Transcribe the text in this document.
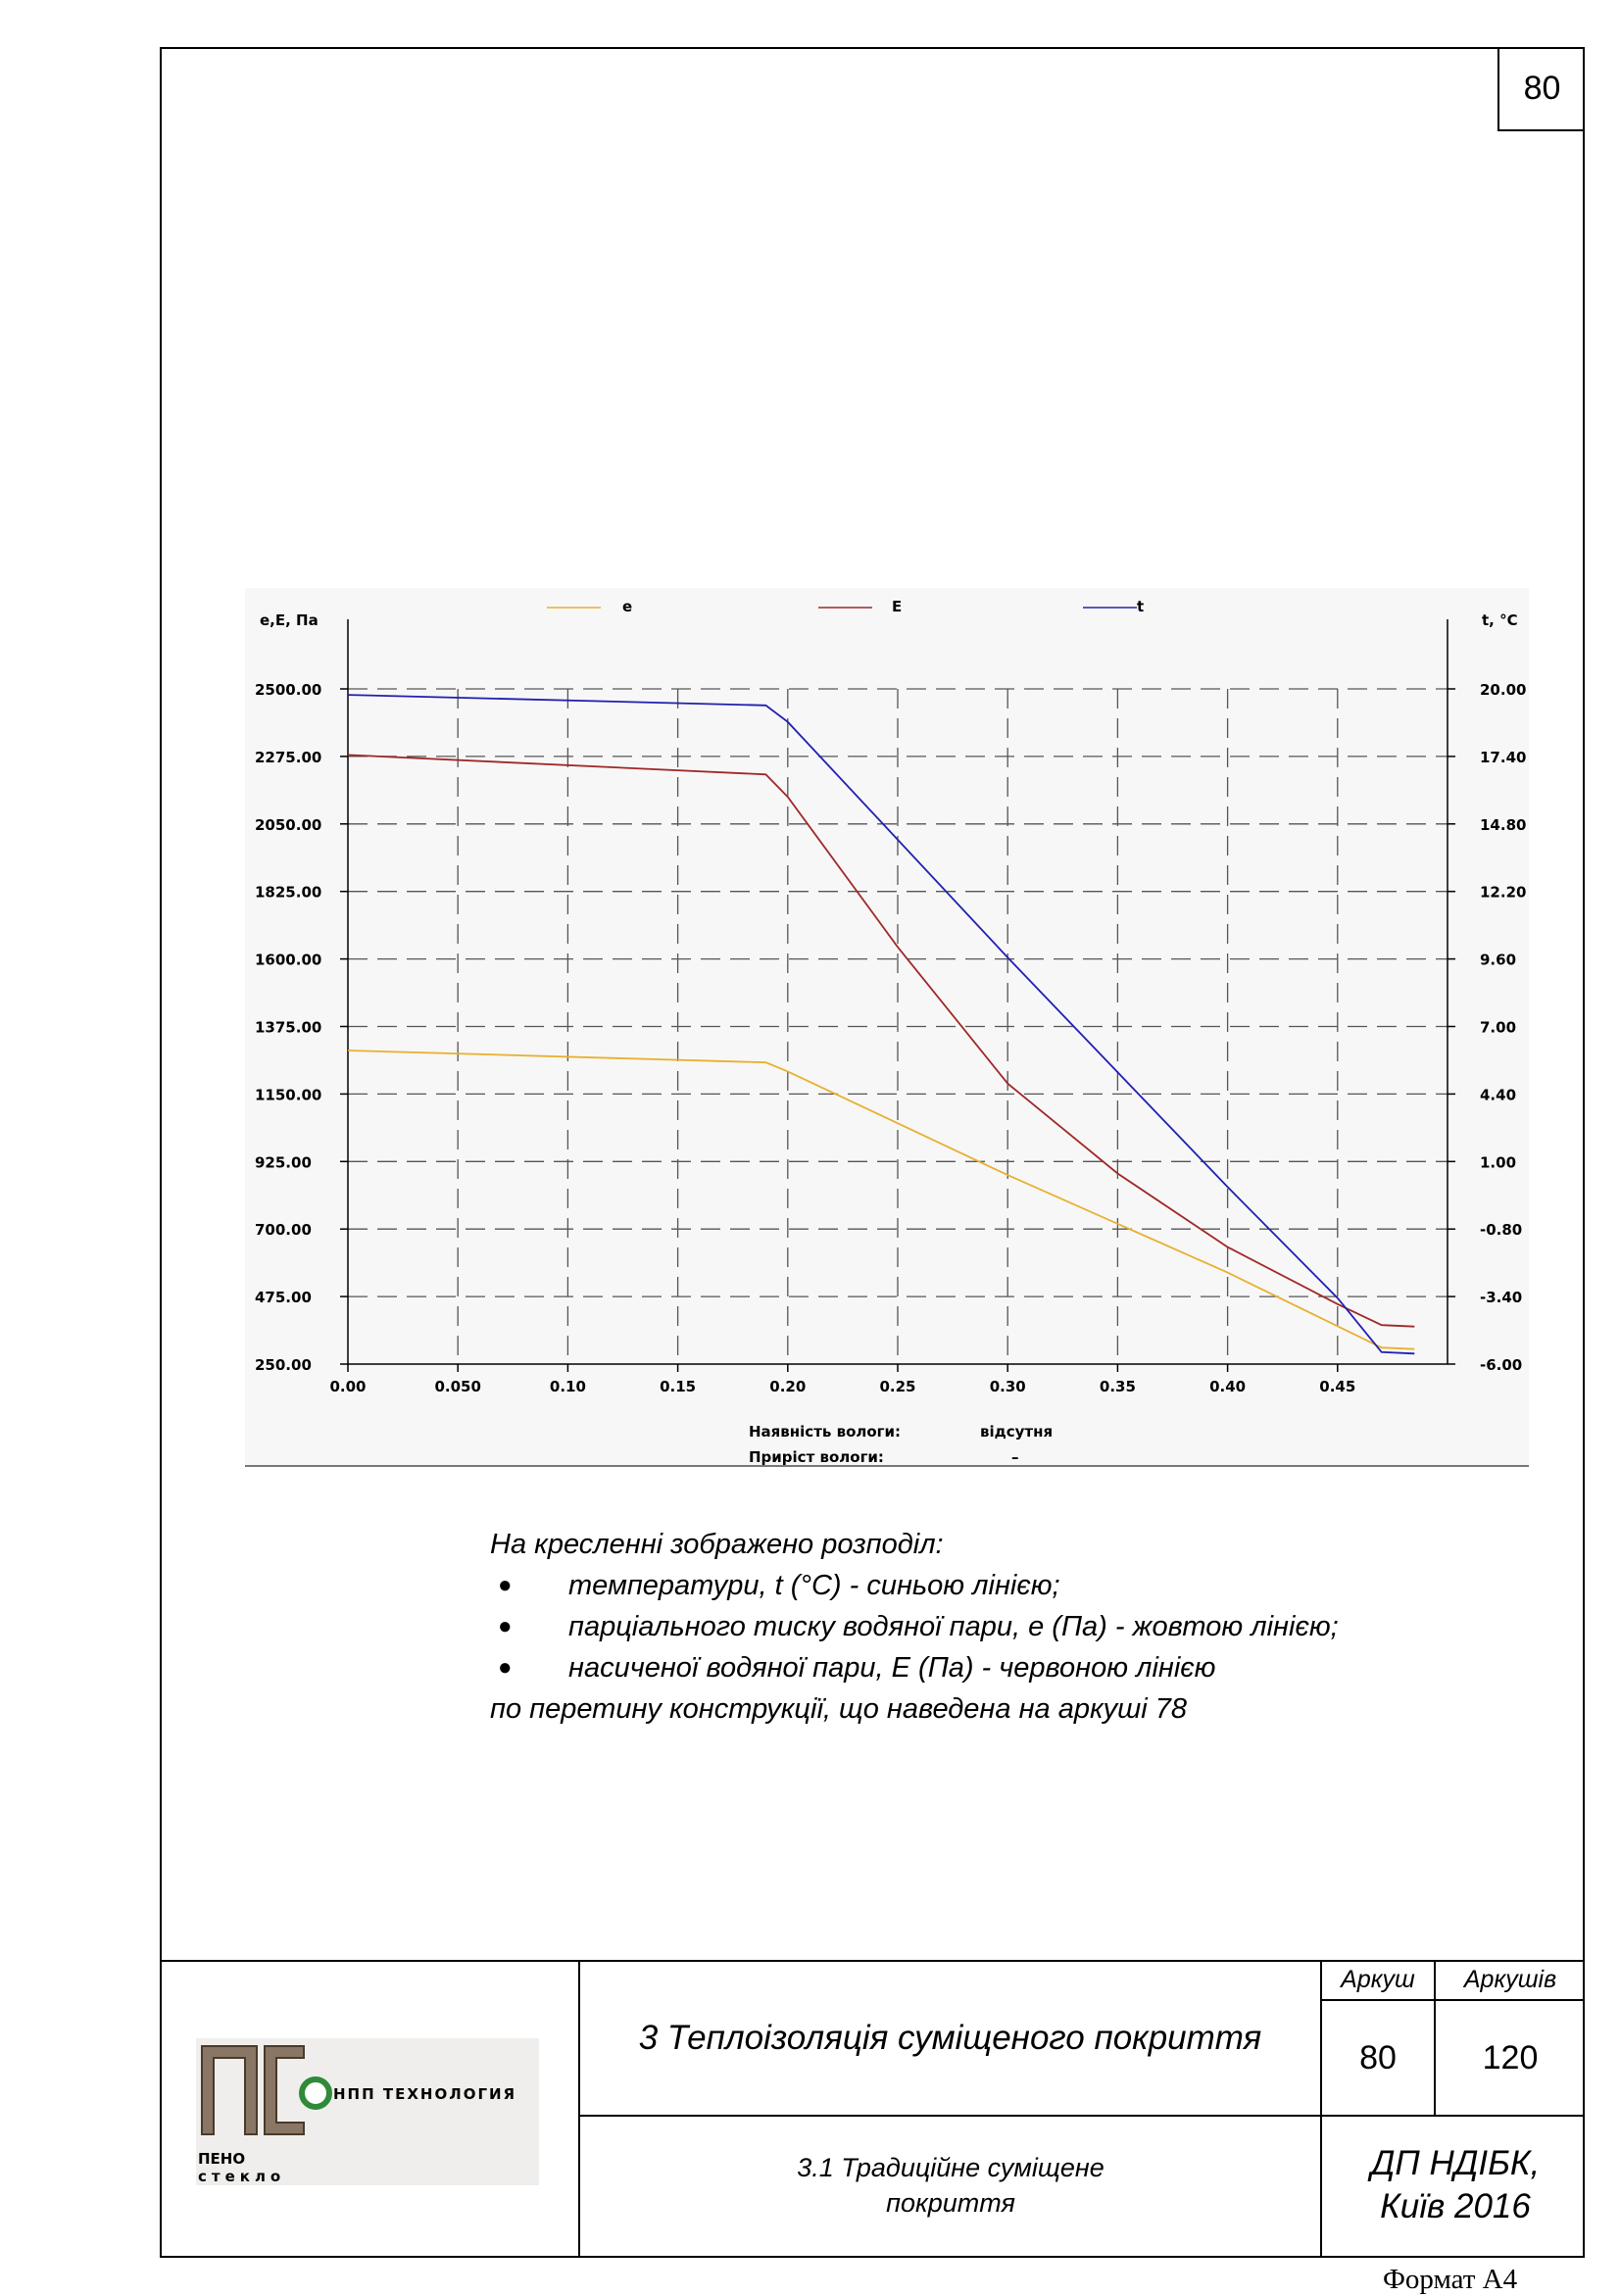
80
250.00
475.00
700.00
925.00
1150.00
1375.00
1600.00
1825.00
2050.00
2275.00
2500.00
-6.00
-3.40
-0.80
1.00
4.40
7.00
9.60
12.20
14.80
17.40
20.00
0.00	0.050	0.10	0.15	0.20	0.25	0.30	0.35	0.40	0.45
е,Е, Па	t, °С
е	Е	t
Наявність вологи:	відсутня
Приріст вологи:	–
На кресленні зображено розподіл:
●	температури, t (°С) - синьою лінією;
●	парціального тиску водяної пари, е (Па) - жовтою лінією;
●	насиченої водяної пари, Е (Па) - червоною лінією
по перетину конструкції, що наведена на аркуші 78
НПП ТЕХНОЛОГИЯ
ПЕНО
стекло
3 Теплоізоляція суміщеного покриття
3.1 Традиційне суміщене покриття
Аркуш	Аркушів
80	120
ДП НДІБК, Київ 2016
Формат А4
